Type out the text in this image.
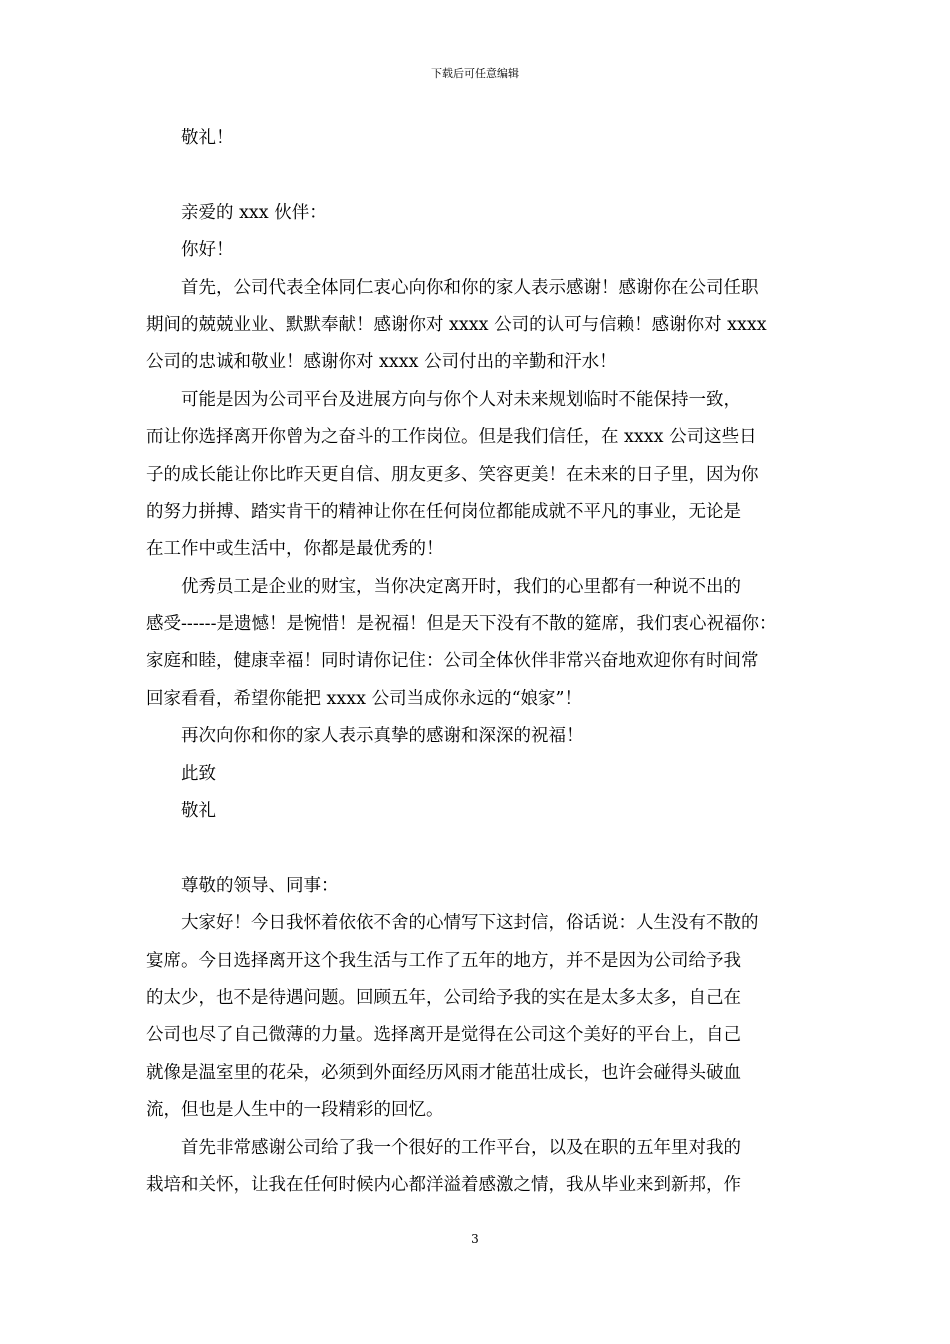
下载后可任意编辑
敬礼！
亲爱的 xxx 伙伴：
你好！
首先，公司代表全体同仁衷心向你和你的家人表示感谢！感谢你在公司任职
期间的兢兢业业、默默奉献！感谢你对 xxxx 公司的认可与信赖！感谢你对 xxxx
公司的忠诚和敬业！感谢你对 xxxx 公司付出的辛勤和汗水！
可能是因为公司平台及进展方向与你个人对未来规划临时不能保持一致，
而让你选择离开你曾为之奋斗的工作岗位。但是我们信任，在 xxxx 公司这些日
子的成长能让你比昨天更自信、朋友更多、笑容更美！在未来的日子里，因为你
的努力拼搏、踏实肯干的精神让你在任何岗位都能成就不平凡的事业，无论是
在工作中或生活中，你都是最优秀的！
优秀员工是企业的财宝，当你决定离开时，我们的心里都有一种说不出的
感受------是遗憾！是惋惜！是祝福！但是天下没有不散的筵席，我们衷心祝福你：
家庭和睦，健康幸福！同时请你记住：公司全体伙伴非常兴奋地欢迎你有时间常
回家看看，希望你能把 xxxx 公司当成你永远的“娘家”！
再次向你和你的家人表示真挚的感谢和深深的祝福！
此致
敬礼
尊敬的领导、同事：
大家好！今日我怀着依依不舍的心情写下这封信，俗话说：人生没有不散的
宴席。今日选择离开这个我生活与工作了五年的地方，并不是因为公司给予我
的太少，也不是待遇问题。回顾五年，公司给予我的实在是太多太多，自己在
公司也尽了自己微薄的力量。选择离开是觉得在公司这个美好的平台上，自己
就像是温室里的花朵，必须到外面经历风雨才能茁壮成长，也许会碰得头破血
流，但也是人生中的一段精彩的回忆。
首先非常感谢公司给了我一个很好的工作平台，以及在职的五年里对我的
栽培和关怀，让我在任何时候内心都洋溢着感激之情，我从毕业来到新邦，作
3
